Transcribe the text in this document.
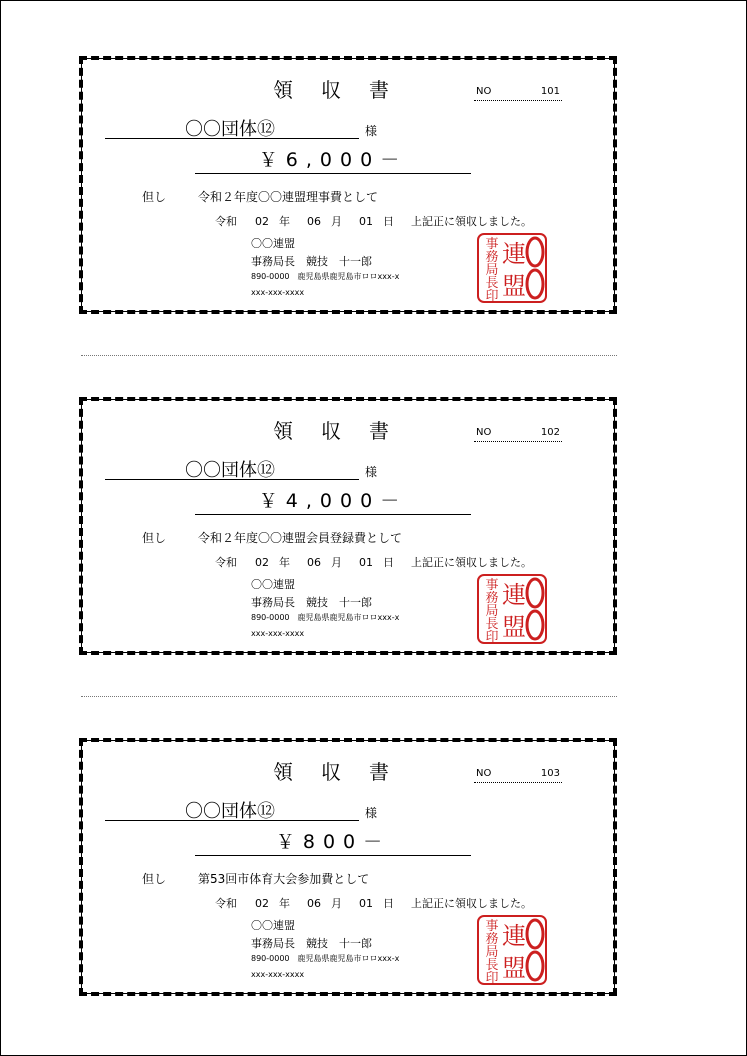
領収書	NO	101
〇〇団体⑫	様
￥6,000－
但し	令和２年度〇〇連盟理事費として
令和 02 年 06 月 01 日 上記正に領収しました。
〇〇連盟
事務局長　競技　十一郎
890-0000　鹿児島県鹿児島市ロロxxx-x
xxx-xxx-xxxx
事
務
局
長
印
連
盟
領収書	NO	102
〇〇団体⑫	様
￥4,000－
但し	令和２年度〇〇連盟会員登録費として
令和 02 年 06 月 01 日 上記正に領収しました。
〇〇連盟
事務局長　競技　十一郎
890-0000　鹿児島県鹿児島市ロロxxx-x
xxx-xxx-xxxx
事
務
局
長
印
連
盟
領収書	NO	103
〇〇団体⑫	様
￥800－
但し	第53回市体育大会参加費として
令和 02 年 06 月 01 日 上記正に領収しました。
〇〇連盟
事務局長　競技　十一郎
890-0000　鹿児島県鹿児島市ロロxxx-x
xxx-xxx-xxxx
事
務
局
長
印
連
盟
